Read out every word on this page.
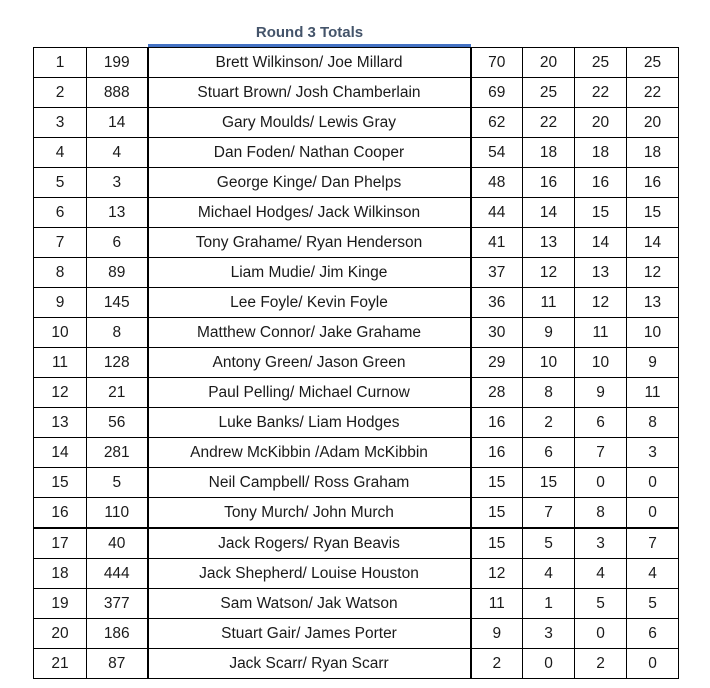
Round 3 Totals
1	199	Brett Wilkinson/ Joe Millard	70	20	25	25
2	888	Stuart Brown/ Josh Chamberlain	69	25	22	22
3	14	Gary Moulds/ Lewis Gray	62	22	20	20
4	4	Dan Foden/ Nathan Cooper	54	18	18	18
5	3	George Kinge/ Dan Phelps	48	16	16	16
6	13	Michael Hodges/ Jack Wilkinson	44	14	15	15
7	6	Tony Grahame/ Ryan Henderson	41	13	14	14
8	89	Liam Mudie/ Jim Kinge	37	12	13	12
9	145	Lee Foyle/ Kevin Foyle	36	11	12	13
10	8	Matthew Connor/ Jake Grahame	30	9	11	10
11	128	Antony Green/ Jason Green	29	10	10	9
12	21	Paul Pelling/ Michael Curnow	28	8	9	11
13	56	Luke Banks/ Liam Hodges	16	2	6	8
14	281	Andrew McKibbin /Adam McKibbin	16	6	7	3
15	5	Neil Campbell/ Ross Graham	15	15	0	0
16	110	Tony Murch/ John Murch	15	7	8	0
17	40	Jack Rogers/ Ryan Beavis	15	5	3	7
18	444	Jack Shepherd/ Louise Houston	12	4	4	4
19	377	Sam Watson/ Jak Watson	11	1	5	5
20	186	Stuart Gair/ James Porter	9	3	0	6
21	87	Jack Scarr/ Ryan Scarr	2	0	2	0
